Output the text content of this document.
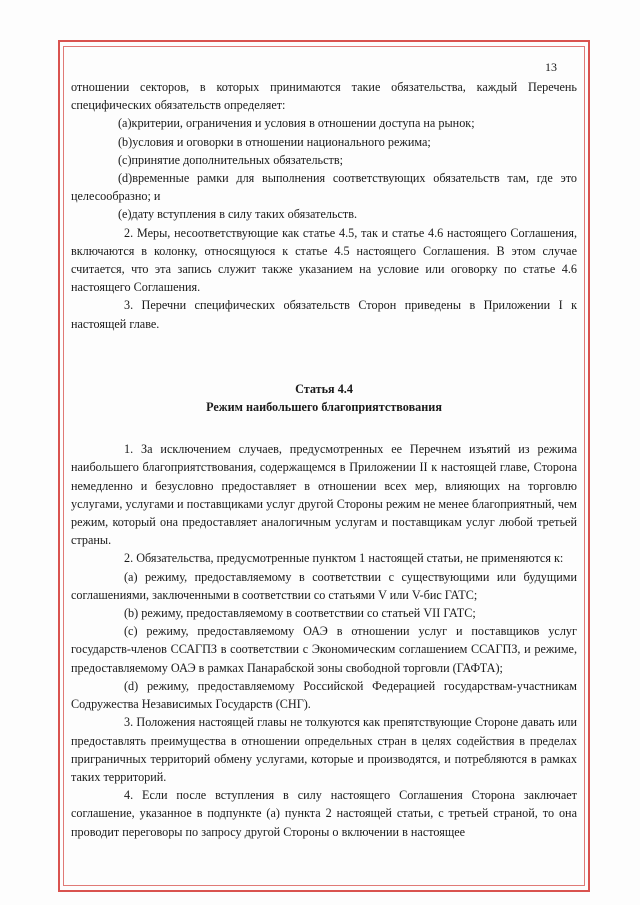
13

отношении секторов, в которых принимаются такие обязательства, каждый Перечень специфических обязательств определяет:

(a)критерии, ограничения и условия в отношении доступа на рынок;

(b)условия и оговорки в отношении национального режима;

(c)принятие дополнительных обязательств;

(d)временные рамки для выполнения соответствующих обязательств там, где это целесообразно; и

(e)дату вступления в силу таких обязательств.

2. Меры, несоответствующие как статье 4.5, так и статье 4.6 настоящего Соглашения, включаются в колонку, относящуюся к статье 4.5 настоящего Соглашения. В этом случае считается, что эта запись служит также указанием на условие или оговорку по статье 4.6 настоящего Соглашения.

3. Перечни специфических обязательств Сторон приведены в Приложении I к настоящей главе.

Статья 4.4

Режим наибольшего благоприятствования

1. За исключением случаев, предусмотренных ее Перечнем изъятий из режима наибольшего благоприятствования, содержащемся в Приложении II к настоящей главе, Сторона немедленно и безусловно предоставляет в отношении всех мер, влияющих на торговлю услугами, услугами и поставщиками услуг другой Стороны режим не менее благоприятный, чем режим, который она предоставляет аналогичным услугам и поставщикам услуг любой третьей страны.

2. Обязательства, предусмотренные пунктом 1 настоящей статьи, не применяются к:

(a) режиму, предоставляемому в соответствии с существующими или будущими соглашениями, заключенными в соответствии со статьями V или V-бис ГАТС;

(b) режиму, предоставляемому в соответствии со статьей VII ГАТС;

(c) режиму, предоставляемому ОАЭ в отношении услуг и поставщиков услуг государств-членов ССАГПЗ в соответствии с Экономическим соглашением ССАГПЗ, и режиме, предоставляемому ОАЭ в рамках Панарабской зоны свободной торговли (ГАФТА);

(d) режиму, предоставляемому Российской Федерацией государствам-участникам Содружества Независимых Государств (СНГ).

3. Положения настоящей главы не толкуются как препятствующие Стороне давать или предоставлять преимущества в отношении определьных стран в целях содействия в пределах приграничных территорий обмену услугами, которые и производятся, и потребляются в рамках таких территорий.

4. Если после вступления в силу настоящего Соглашения Сторона заключает соглашение, указанное в подпункте (a) пункта 2 настоящей статьи, с третьей страной, то она проводит переговоры по запросу другой Стороны о включении в настоящее
